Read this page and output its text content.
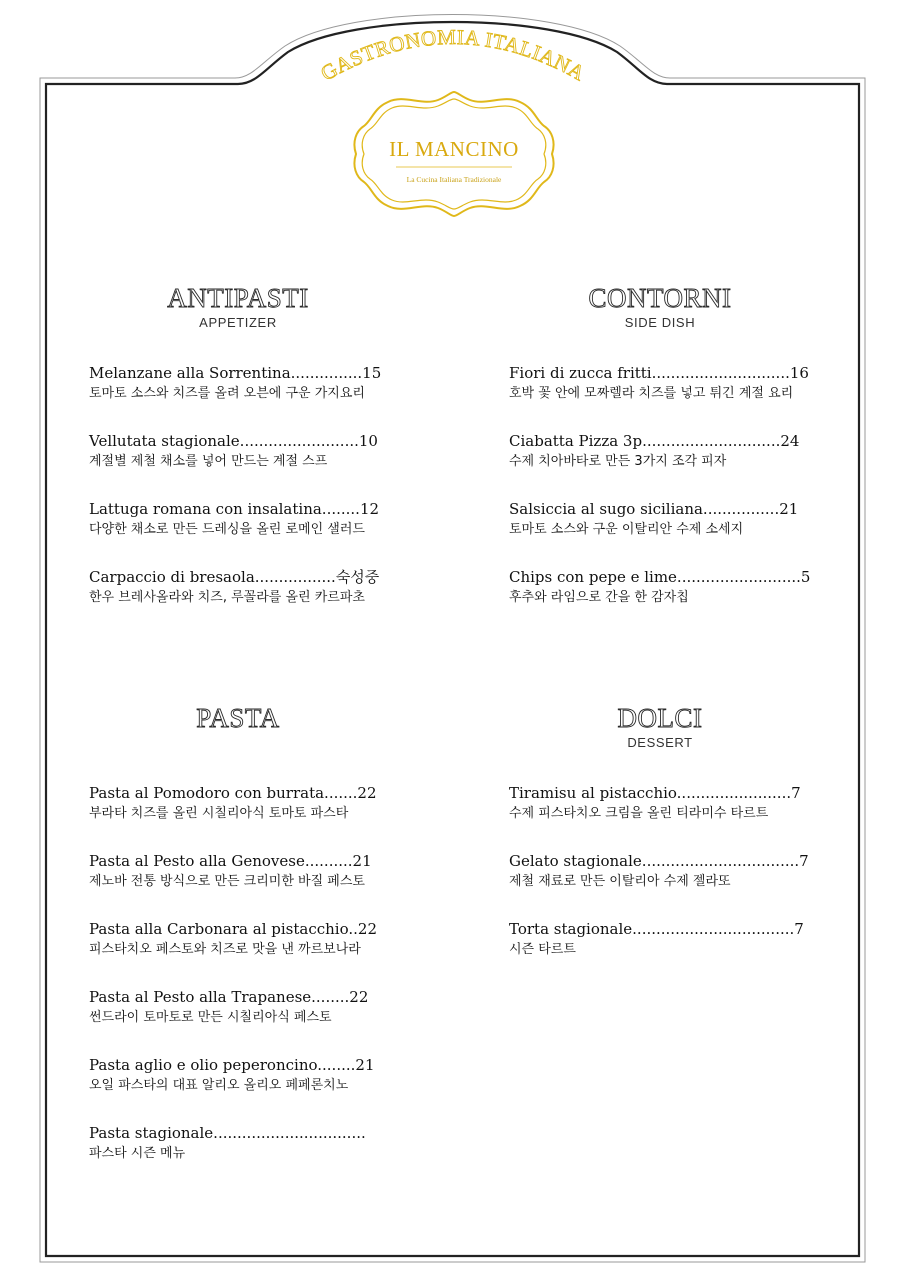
GASTRONOMIA ITALIANA
IL MANCINO
La Cucina Italiana Tradizionale
ANTIPASTI
APPETIZER
Melanzane alla Sorrentina...............15
토마토 소스와 치즈를 올려 오븐에 구운 가지요리
Vellutata stagionale.........................10
계절별 제철 채소를 넣어 만드는 계절 스프
Lattuga romana con insalatina........12
다양한 채소로 만든 드레싱을 올린 로메인 샐러드
Carpaccio di bresaola.................숙성중
한우 브레사올라와 치즈, 루꼴라를 올린 카르파초
CONTORNI
SIDE DISH
Fiori di zucca fritti.............................16
호박 꽃 안에 모짜렐라 치즈를 넣고 튀긴 계절 요리
Ciabatta Pizza 3p.............................24
수제 치아바타로 만든 3가지 조각 피자
Salsiccia al sugo siciliana................21
토마토 소스와 구운 이탈리안 수제 소세지
Chips con pepe e lime..........................5
후추와 라임으로 간을 한 감자칩
PASTA
Pasta al Pomodoro con burrata.......22
부라타 치즈를 올린 시칠리아식 토마토 파스타
Pasta al Pesto alla Genovese..........21
제노바 전통 방식으로 만든 크리미한 바질 페스토
Pasta alla Carbonara al pistacchio..22
피스타치오 페스토와 치즈로 맛을 낸 까르보나라
Pasta al Pesto alla Trapanese........22
썬드라이 토마토로 만든 시칠리아식 페스토
Pasta aglio e olio peperoncino........21
오일 파스타의 대표 알리오 올리오 페페론치노
Pasta stagionale................................
파스타 시즌 메뉴
DOLCI
DESSERT
Tiramisu al pistacchio........................7
수제 피스타치오 크림을 올린 티라미수 타르트
Gelato stagionale.................................7
제철 재료로 만든 이탈리아 수제 젤라또
Torta stagionale..................................7
시즌 타르트
